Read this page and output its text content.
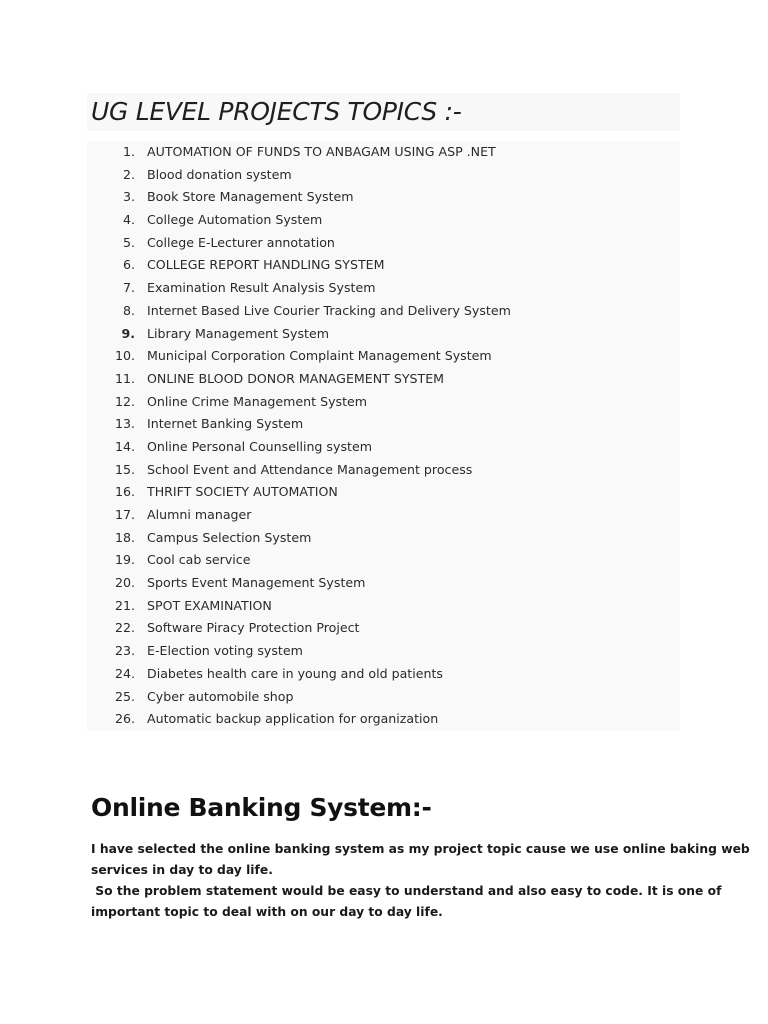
UG LEVEL PROJECTS TOPICS :-
1.
AUTOMATION OF FUNDS TO ANBAGAM USING ASP .NET
2.
Blood donation system
3.
Book Store Management System
4.
College Automation System
5.
College E-Lecturer annotation
6.
COLLEGE REPORT HANDLING SYSTEM
7.
Examination Result Analysis System
8.
Internet Based Live Courier Tracking and Delivery System
9.
Library Management System
10.
Municipal Corporation Complaint Management System
11.
ONLINE BLOOD DONOR MANAGEMENT SYSTEM
12.
Online Crime Management System
13.
Internet Banking System
14.
Online Personal Counselling system
15.
School Event and Attendance Management process
16.
THRIFT SOCIETY AUTOMATION
17.
Alumni manager
18.
Campus Selection System
19.
Cool cab service
20.
Sports Event Management System
21.
SPOT EXAMINATION
22.
Software Piracy Protection Project
23.
E-Election voting system
24.
Diabetes health care in young and old patients
25.
Cyber automobile shop
26.
Automatic backup application for organization
Online Banking System:-

I have selected the online banking system as my project topic cause we use online baking web
services in day to day life.
So the problem statement would be easy to understand and also easy to code. It is one of
important topic to deal with on our day to day life.
